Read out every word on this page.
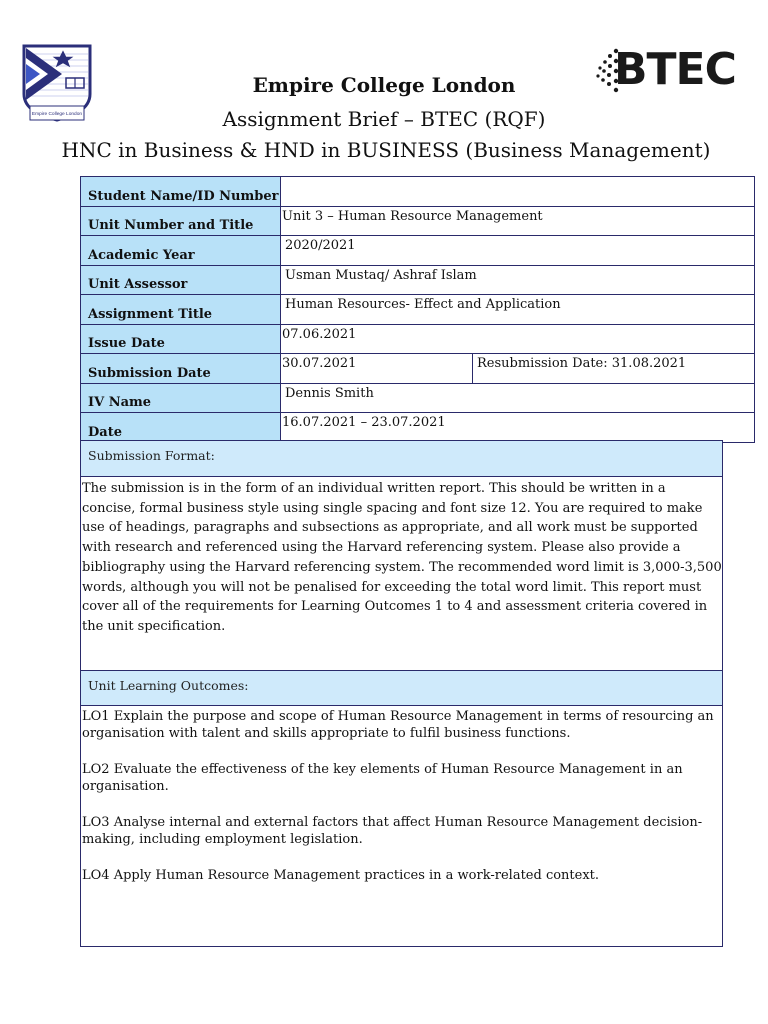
Empire College London
BTEC
Empire College London
Assignment Brief – BTEC (RQF)
HNC in Business & HND in BUSINESS (Business Management)
Student Name/ID Number		
Unit Number and Title	Unit 3 – Human Resource Management	
Academic Year	2020/2021	
Unit Assessor	Usman Mustaq/ Ashraf Islam	
Assignment Title	Human Resources- Effect and Application	
Issue Date	07.06.2021	
Submission Date	30.07.2021	Resubmission Date: 31.08.2021
IV Name	Dennis Smith	
Date	16.07.2021 – 23.07.2021	
Submission Format:
The submission is in the form of an individual written report. This should be written in a concise, formal business style using single spacing and font size 12. You are required to make use of headings, paragraphs and subsections as appropriate, and all work must be supported with research and referenced using the Harvard referencing system. Please also provide a bibliography using the Harvard referencing system. The recommended word limit is 3,000-3,500 words, although you will not be penalised for exceeding the total word limit. This report must cover all of the requirements for Learning Outcomes 1 to 4 and assessment criteria covered in the unit specification.
Unit Learning Outcomes:

LO1 Explain the purpose and scope of Human Resource Management in terms of resourcing an organisation with talent and skills appropriate to fulfil business functions.

LO2 Evaluate the effectiveness of the key elements of Human Resource Management in an organisation.

LO3 Analyse internal and external factors that affect Human Resource Management decision-making, including employment legislation.

LO4 Apply Human Resource Management practices in a work-related context.
